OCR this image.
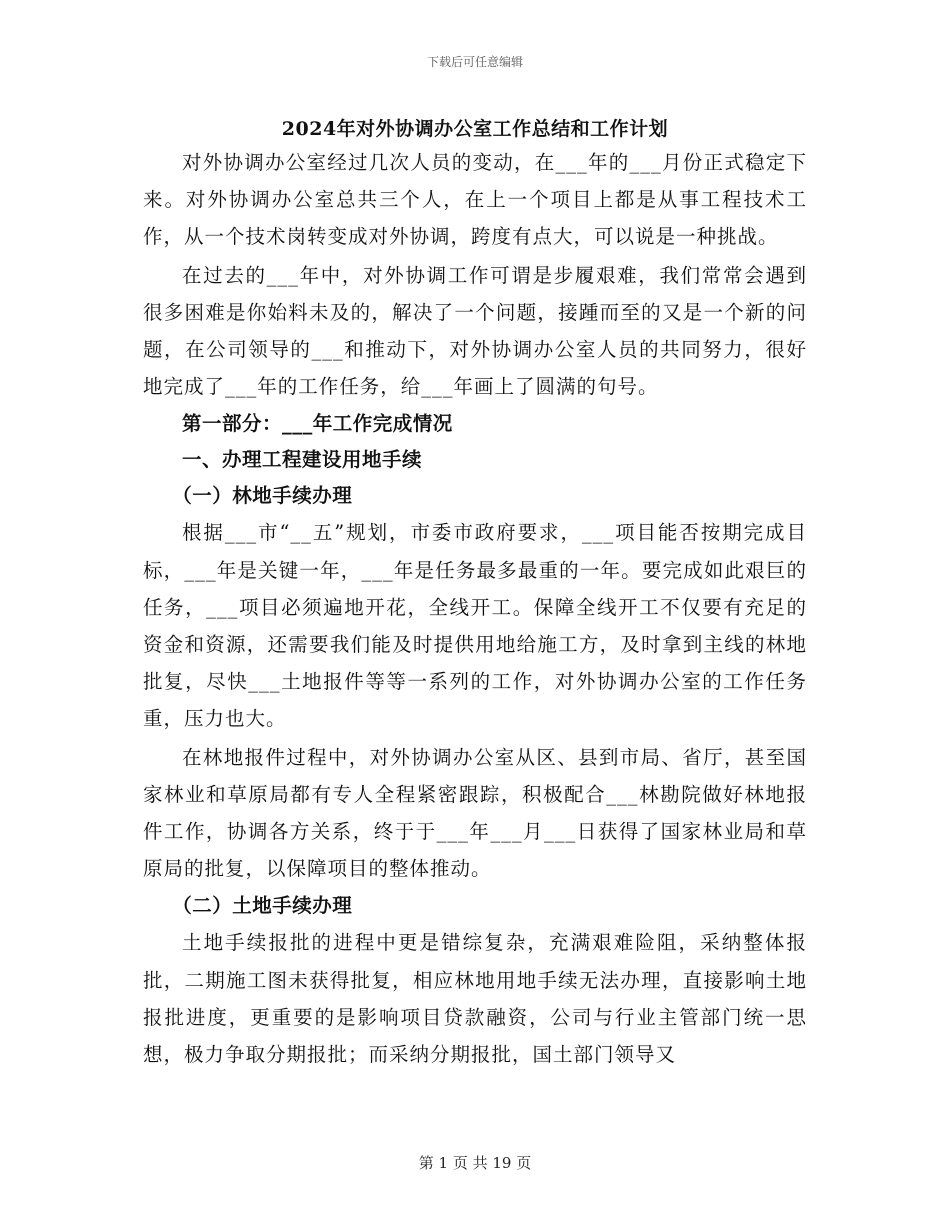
下载后可任意编辑
2024年对外协调办公室工作总结和工作计划

对外协调办公室经过几次人员的变动，在___年的___月份正式稳定下来。对外协调办公室总共三个人，在上一个项目上都是从事工程技术工作，从一个技术岗转变成对外协调，跨度有点大，可以说是一种挑战。

在过去的___年中，对外协调工作可谓是步履艰难，我们常常会遇到很多困难是你始料未及的，解决了一个问题，接踵而至的又是一个新的问题，在公司领导的___和推动下，对外协调办公室人员的共同努力，很好地完成了___年的工作任务，给___年画上了圆满的句号。

第一部分：___年工作完成情况

一、办理工程建设用地手续

（一）林地手续办理

根据___市“__五”规划，市委市政府要求，___项目能否按期完成目标，___年是关键一年，___年是任务最多最重的一年。要完成如此艰巨的任务，___项目必须遍地开花，全线开工。保障全线开工不仅要有充足的资金和资源，还需要我们能及时提供用地给施工方，及时拿到主线的林地批复，尽快___土地报件等等一系列的工作，对外协调办公室的工作任务重，压力也大。

在林地报件过程中，对外协调办公室从区、县到市局、省厅，甚至国家林业和草原局都有专人全程紧密跟踪，积极配合___林勘院做好林地报件工作，协调各方关系，终于于___年___月___日获得了国家林业局和草原局的批复，以保障项目的整体推动。

（二）土地手续办理

土地手续报批的进程中更是错综复杂，充满艰难险阻，采纳整体报批，二期施工图未获得批复，相应林地用地手续无法办理，直接影响土地报批进度，更重要的是影响项目贷款融资，公司与行业主管部门统一思想，极力争取分期报批；而采纳分期报批，国土部门领导又

第 1 页 共 19 页
